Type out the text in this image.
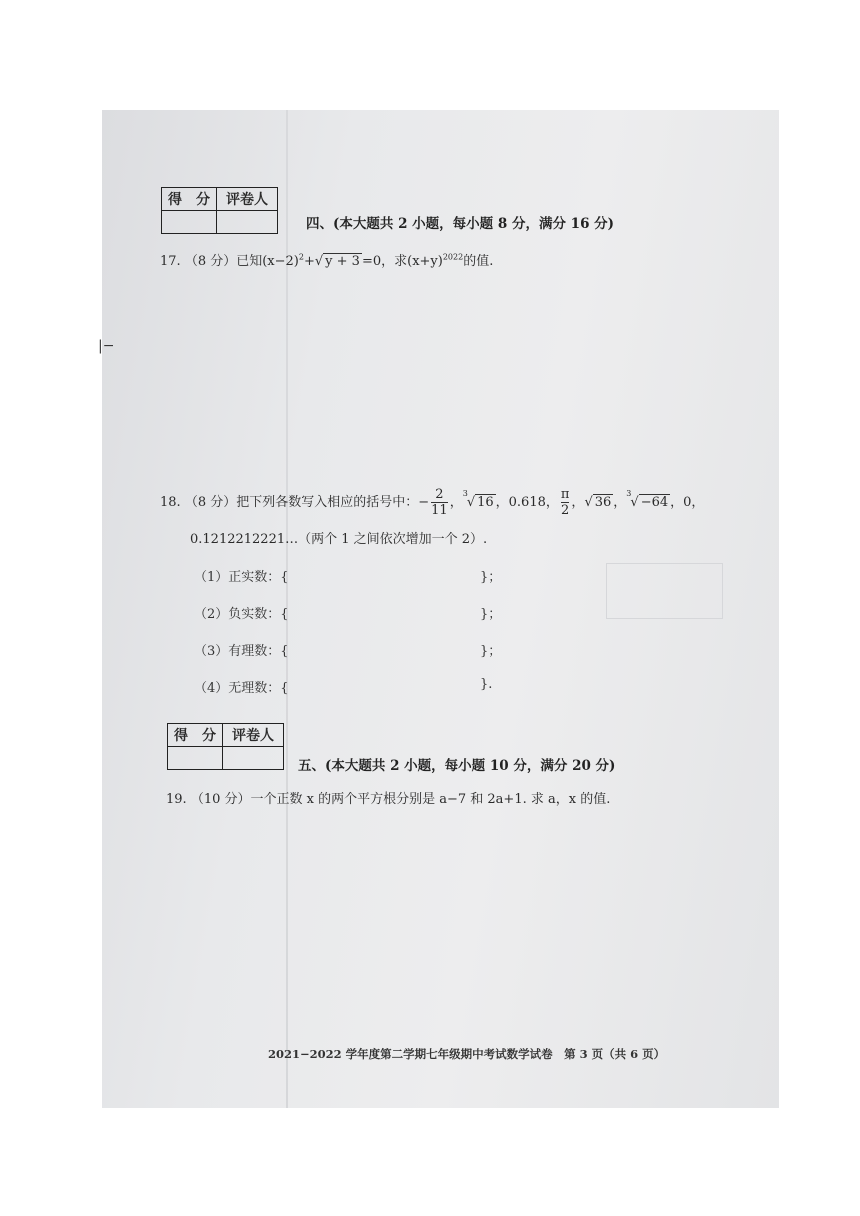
|−
得　分	评卷人

四、(本大题共 2 小题，每小题 8 分，满分 16 分)
17. （8 分）已知$(x-2)^2+√$ y + 3 =0，求$(x+y)^{2022}$的值.
18. （8 分）把下列各数写入相应的括号中：− $\frac{2}{11}$ ，$^3$√ 16 ，0.618， $\frac{\pi}{2}$ ，√ 36 ，$^3$√ −64 ，0，
0.1212212221…（两个 1 之间依次增加一个 2）.
（1）正实数：{	}；
（2）负实数：{	}；
（3）有理数：{	}；
（4）无理数：{	}.
得　分	评卷人

五、(本大题共 2 小题，每小题 10 分，满分 20 分)
19. （10 分）一个正数 x 的两个平方根分别是 a−7 和 2a+1. 求 a，x 的值.
2021−2022 学年度第二学期七年级期中考试数学试卷　第 3 页（共 6 页）
